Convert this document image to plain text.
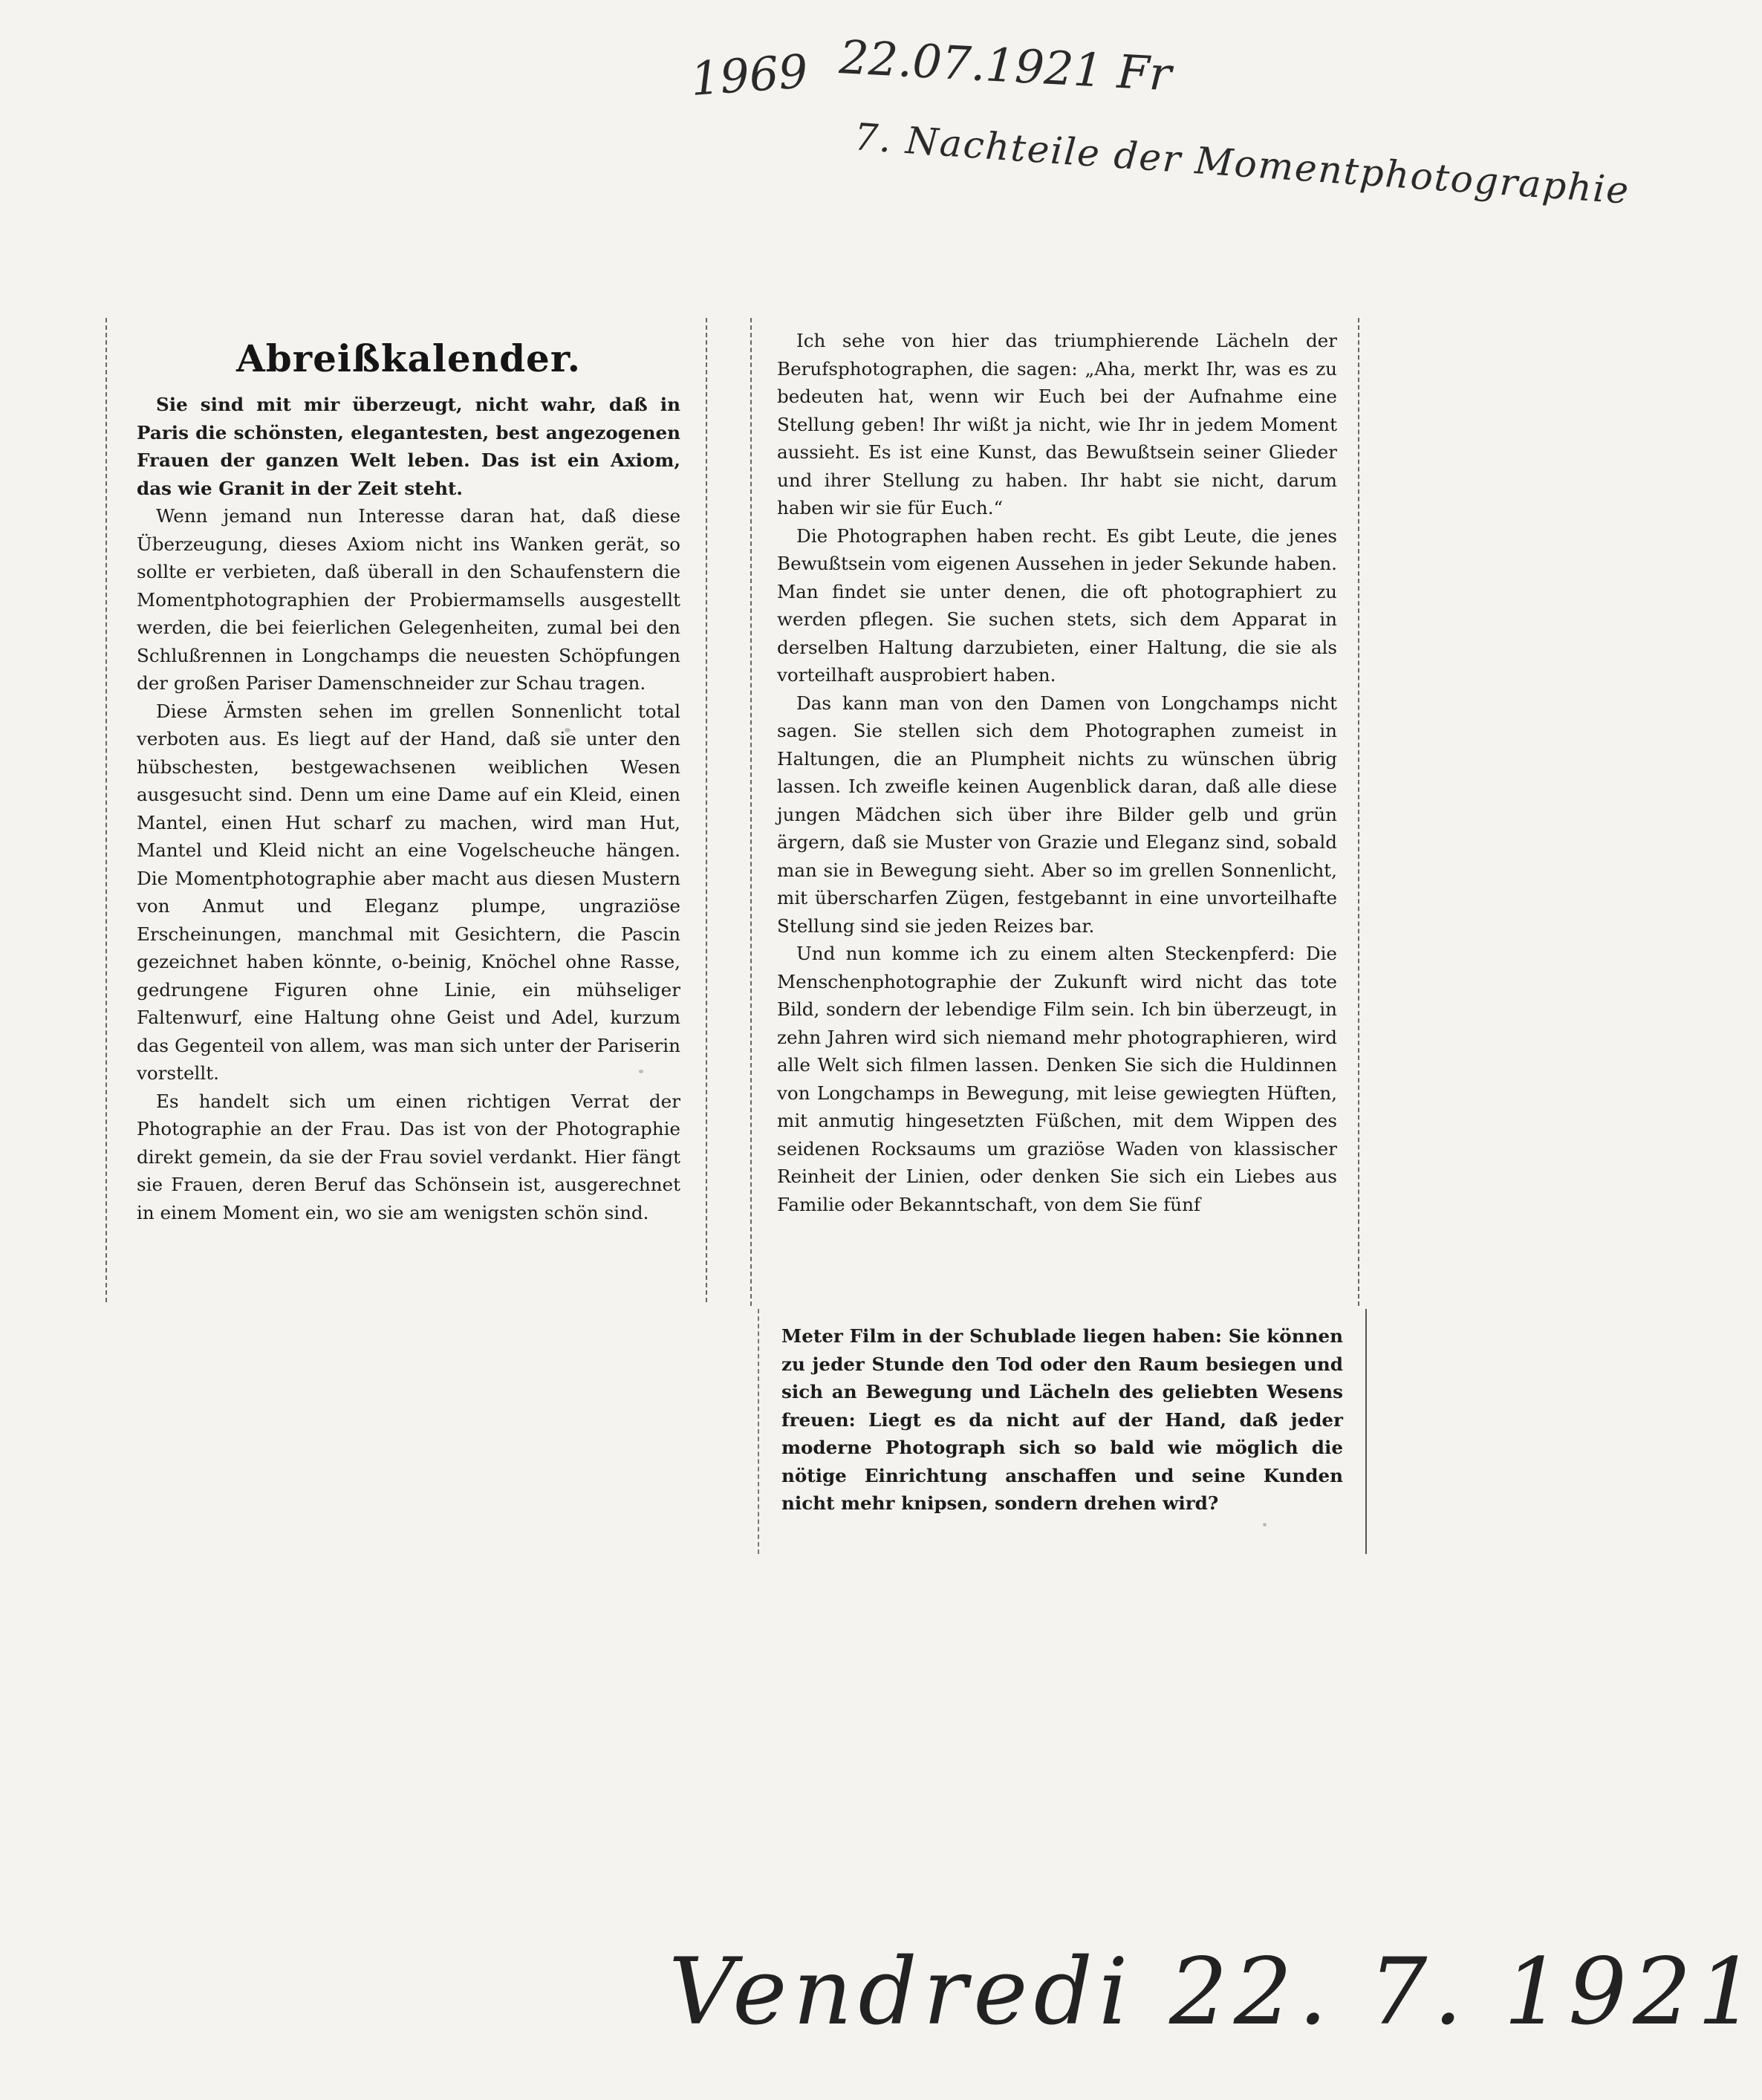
1969 22.07.1921 Fr
7. Nachteile der Momentphotographie
Abreißkalender.

Sie sind mit mir überzeugt, nicht wahr, daß in Paris die schönsten, elegantesten, best angezogenen Frauen der ganzen Welt leben. Das ist ein Axiom, das wie Granit in der Zeit steht.

Wenn jemand nun Interesse daran hat, daß diese Überzeugung, dieses Axiom nicht ins Wanken gerät, so sollte er verbieten, daß überall in den Schaufenstern die Momentphotographien der Probiermamsells ausgestellt werden, die bei feierlichen Gelegenheiten, zumal bei den Schlußrennen in Longchamps die neuesten Schöpfungen der großen Pariser Damenschneider zur Schau tragen.

Diese Ärmsten sehen im grellen Sonnenlicht total verboten aus. Es liegt auf der Hand, daß sie unter den hübschesten, bestgewachsenen weiblichen Wesen ausgesucht sind. Denn um eine Dame auf ein Kleid, einen Mantel, einen Hut scharf zu machen, wird man Hut, Mantel und Kleid nicht an eine Vogelscheuche hängen. Die Momentphotographie aber macht aus diesen Mustern von Anmut und Eleganz plumpe, ungraziöse Erscheinungen, manchmal mit Gesichtern, die Pascin gezeichnet haben könnte, o-beinig, Knöchel ohne Rasse, gedrungene Figuren ohne Linie, ein mühseliger Faltenwurf, eine Haltung ohne Geist und Adel, kurzum das Gegenteil von allem, was man sich unter der Pariserin vorstellt.

Es handelt sich um einen richtigen Verrat der Photographie an der Frau. Das ist von der Photographie direkt gemein, da sie der Frau soviel verdankt. Hier fängt sie Frauen, deren Beruf das Schönsein ist, ausgerechnet in einem Moment ein, wo sie am wenigsten schön sind.

Ich sehe von hier das triumphierende Lächeln der Berufsphotographen, die sagen: „Aha, merkt Ihr, was es zu bedeuten hat, wenn wir Euch bei der Aufnahme eine Stellung geben! Ihr wißt ja nicht, wie Ihr in jedem Moment aussieht. Es ist eine Kunst, das Bewußtsein seiner Glieder und ihrer Stellung zu haben. Ihr habt sie nicht, darum haben wir sie für Euch.“

Die Photographen haben recht. Es gibt Leute, die jenes Bewußtsein vom eigenen Aussehen in jeder Sekunde haben. Man findet sie unter denen, die oft photographiert zu werden pflegen. Sie suchen stets, sich dem Apparat in derselben Haltung darzubieten, einer Haltung, die sie als vorteilhaft ausprobiert haben.

Das kann man von den Damen von Longchamps nicht sagen. Sie stellen sich dem Photographen zumeist in Haltungen, die an Plumpheit nichts zu wünschen übrig lassen. Ich zweifle keinen Augenblick daran, daß alle diese jungen Mädchen sich über ihre Bilder gelb und grün ärgern, daß sie Muster von Grazie und Eleganz sind, sobald man sie in Bewegung sieht. Aber so im grellen Sonnenlicht, mit überscharfen Zügen, festgebannt in eine unvorteilhafte Stellung sind sie jeden Reizes bar.

Und nun komme ich zu einem alten Steckenpferd: Die Menschenphotographie der Zukunft wird nicht das tote Bild, sondern der lebendige Film sein. Ich bin überzeugt, in zehn Jahren wird sich niemand mehr photographieren, wird alle Welt sich filmen lassen. Denken Sie sich die Huldinnen von Longchamps in Bewegung, mit leise gewiegten Hüften, mit anmutig hingesetzten Füßchen, mit dem Wippen des seidenen Rocksaums um graziöse Waden von klassischer Reinheit der Linien, oder denken Sie sich ein Liebes aus Familie oder Bekanntschaft, von dem Sie fünf

Meter Film in der Schublade liegen haben: Sie können zu jeder Stunde den Tod oder den Raum besiegen und sich an Bewegung und Lächeln des geliebten Wesens freuen: Liegt es da nicht auf der Hand, daß jeder moderne Photograph sich so bald wie möglich die nötige Einrichtung anschaffen und seine Kunden nicht mehr knipsen, sondern drehen wird?

Vendredi 22. 7. 1921
